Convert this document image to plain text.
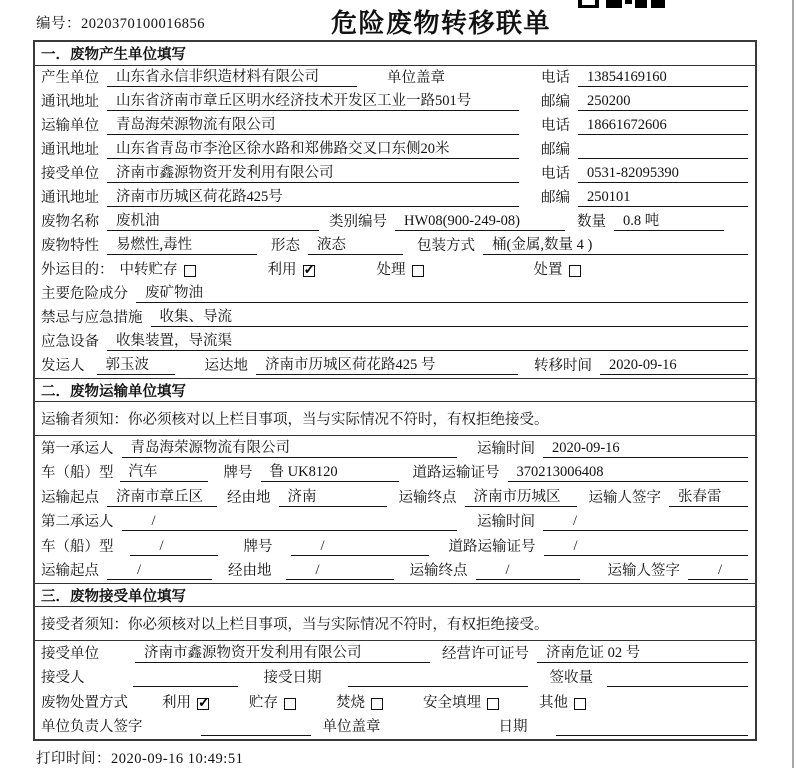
编号：2020370100016856	危险废物转移联单
一．废物产生单位填写
产生单位	山东省永信非织造材料有限公司	单位盖章	电话	13854169160
通讯地址	山东省济南市章丘区明水经济技术开发区工业一路501号	邮编	250200
运输单位	青岛海荣源物流有限公司	电话	18661672606
通讯地址	山东省青岛市李沧区徐水路和郑佛路交叉口东侧20米	邮编
接受单位	济南市鑫源物资开发利用有限公司	电话	0531-82095390
通讯地址	济南市历城区荷花路425号	邮编	250101
废物名称	废机油	类别编号	HW08(900-249-08)	数量	0.8 吨
废物特性	易燃性,毒性	形态	液态	包装方式	桶(金属,数量 4 )
外运目的： 中转贮存	利用 ✓	处理	处置
主要危险成分	废矿物油
禁忌与应急措施	收集、导流
应急设备	收集装置，导流渠
发运人	郭玉波	运达地	济南市历城区荷花路425 号	转移时间	2020-09-16
二．废物运输单位填写
运输者须知：你必须核对以上栏目事项，当与实际情况不符时，有权拒绝接受。
第一承运人	青岛海荣源物流有限公司	运输时间	2020-09-16
车（船）型	汽车	牌号	鲁 UK8120	道路运输证号	370213006408
运输起点	济南市章丘区	经由地	济南	运输终点	济南市历城区	运输人签字	张春雷
第二承运人	/	运输时间	/
车（船）型	/	牌号	/	道路运输证号	/
运输起点	/	经由地	/	运输终点	/	运输人签字	/
三．废物接受单位填写
接受者须知：你必须核对以上栏目事项，当与实际情况不符时，有权拒绝接受。
接受单位	济南市鑫源物资开发利用有限公司	经营许可证号	济南危证 02 号
接受人	接受日期	签收量
废物处置方式 利用 ✓	贮存	焚烧	安全填埋	其他
单位负责人签字	单位盖章	日期
打印时间：2020-09-16 10:49:51
